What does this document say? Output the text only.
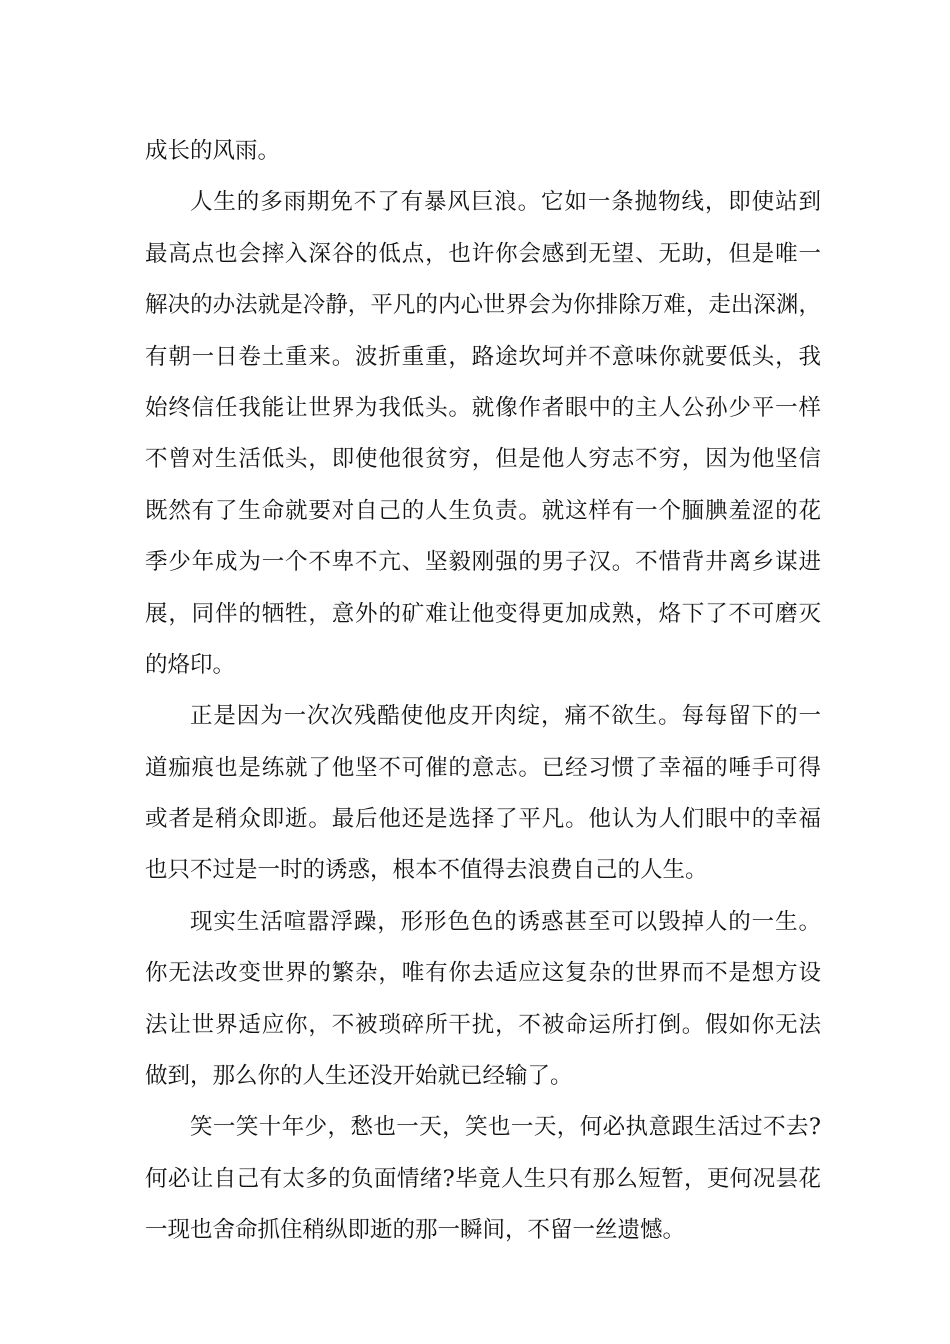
成长的风雨。
人生的多雨期免不了有暴风巨浪。它如一条抛物线，即使站到
最高点也会摔入深谷的低点，也许你会感到无望、无助，但是唯一
解决的办法就是冷静，平凡的内心世界会为你排除万难，走出深渊，
有朝一日卷土重来。波折重重，路途坎坷并不意味你就要低头，我
始终信任我能让世界为我低头。就像作者眼中的主人公孙少平一样
不曾对生活低头，即使他很贫穷，但是他人穷志不穷，因为他坚信
既然有了生命就要对自己的人生负责。就这样有一个腼腆羞涩的花
季少年成为一个不卑不亢、坚毅刚强的男子汉。不惜背井离乡谋进
展，同伴的牺牲，意外的矿难让他变得更加成熟，烙下了不可磨灭
的烙印。
正是因为一次次残酷使他皮开肉绽，痛不欲生。每每留下的一
道痂痕也是练就了他坚不可催的意志。已经习惯了幸福的唾手可得
或者是稍众即逝。最后他还是选择了平凡。他认为人们眼中的幸福
也只不过是一时的诱惑，根本不值得去浪费自己的人生。
现实生活喧嚣浮躁，形形色色的诱惑甚至可以毁掉人的一生。
你无法改变世界的繁杂，唯有你去适应这复杂的世界而不是想方设
法让世界适应你，不被琐碎所干扰，不被命运所打倒。假如你无法
做到，那么你的人生还没开始就已经输了。
笑一笑十年少，愁也一天，笑也一天，何必执意跟生活过不去?
何必让自己有太多的负面情绪?毕竟人生只有那么短暂，更何况昙花
一现也舍命抓住稍纵即逝的那一瞬间，不留一丝遗憾。
